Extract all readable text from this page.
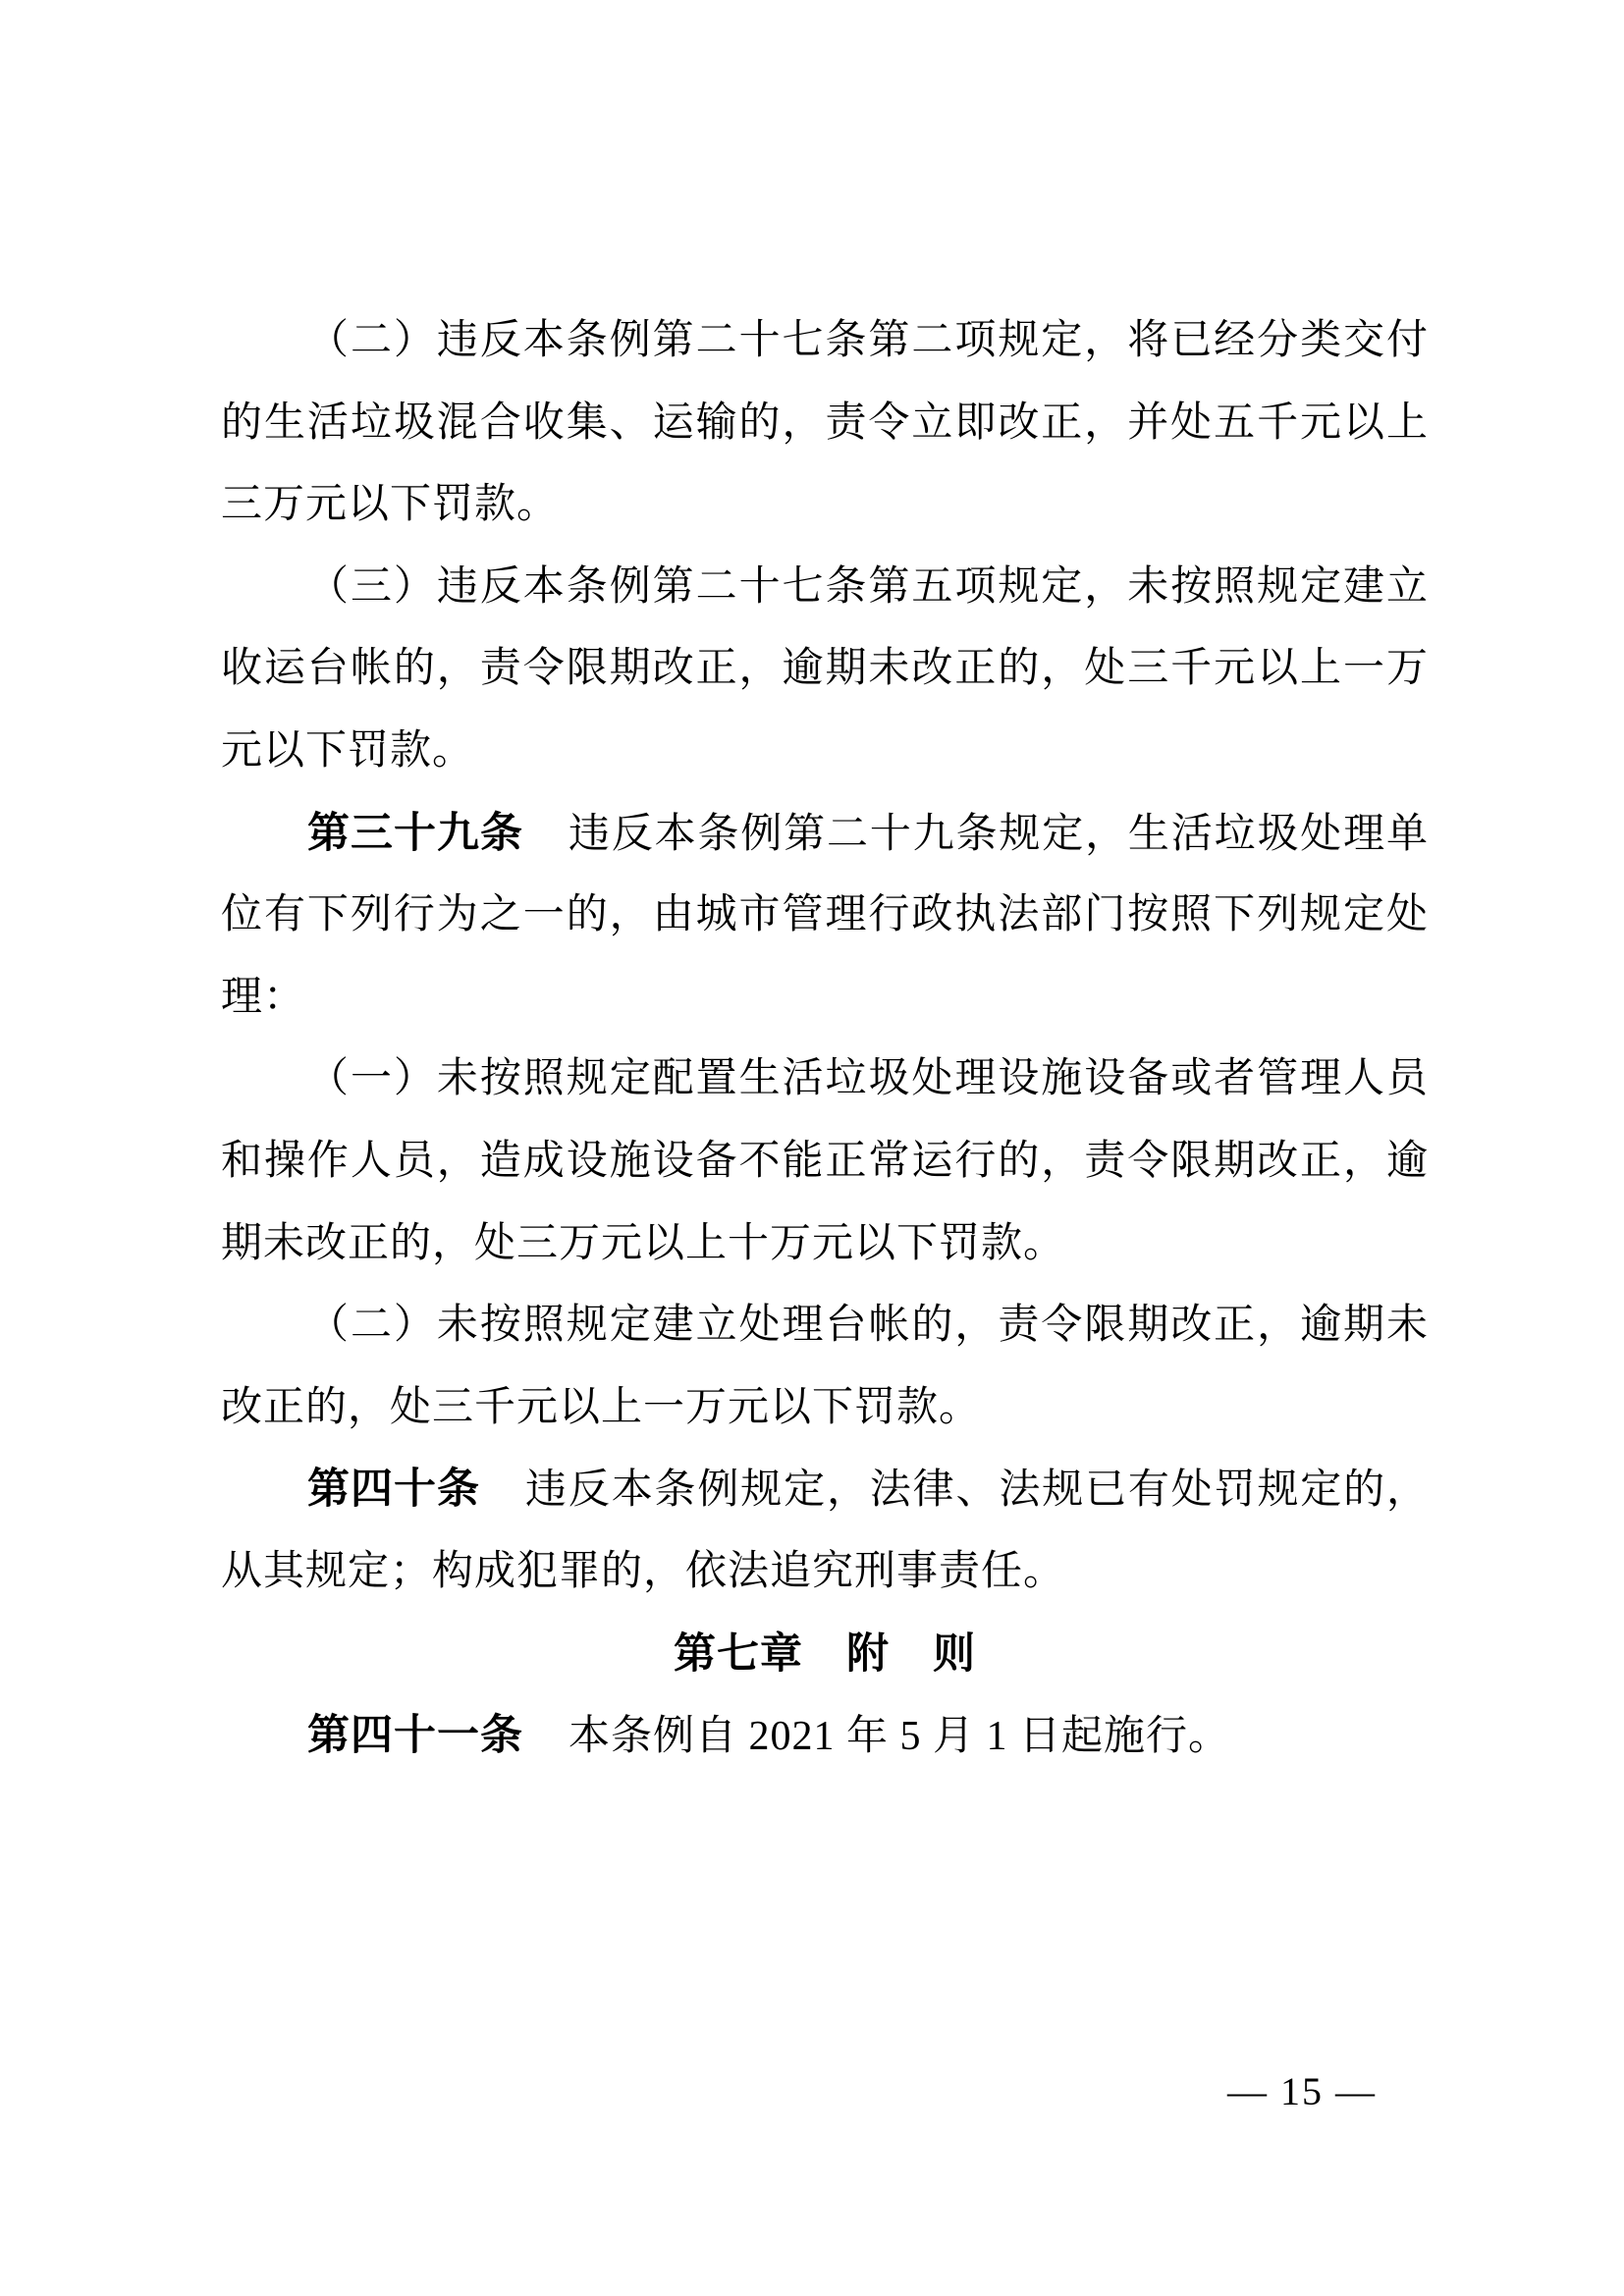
（二）违反本条例第二十七条第二项规定，将已经分类交付
的生活垃圾混合收集、运输的，责令立即改正，并处五千元以上
三万元以下罚款。
（三）违反本条例第二十七条第五项规定，未按照规定建立
收运台帐的，责令限期改正，逾期未改正的，处三千元以上一万
元以下罚款。
第三十九条 违反本条例第二十九条规定，生活垃圾处理单
位有下列行为之一的，由城市管理行政执法部门按照下列规定处
理：
（一）未按照规定配置生活垃圾处理设施设备或者管理人员
和操作人员，造成设施设备不能正常运行的，责令限期改正，逾
期未改正的，处三万元以上十万元以下罚款。
（二）未按照规定建立处理台帐的，责令限期改正，逾期未
改正的，处三千元以上一万元以下罚款。
第四十条 违反本条例规定，法律、法规已有处罚规定的，
从其规定；构成犯罪的，依法追究刑事责任。
第七章　附　则
第四十一条 本条例自 2021 年 5 月 1 日起施行。
— 15 —
